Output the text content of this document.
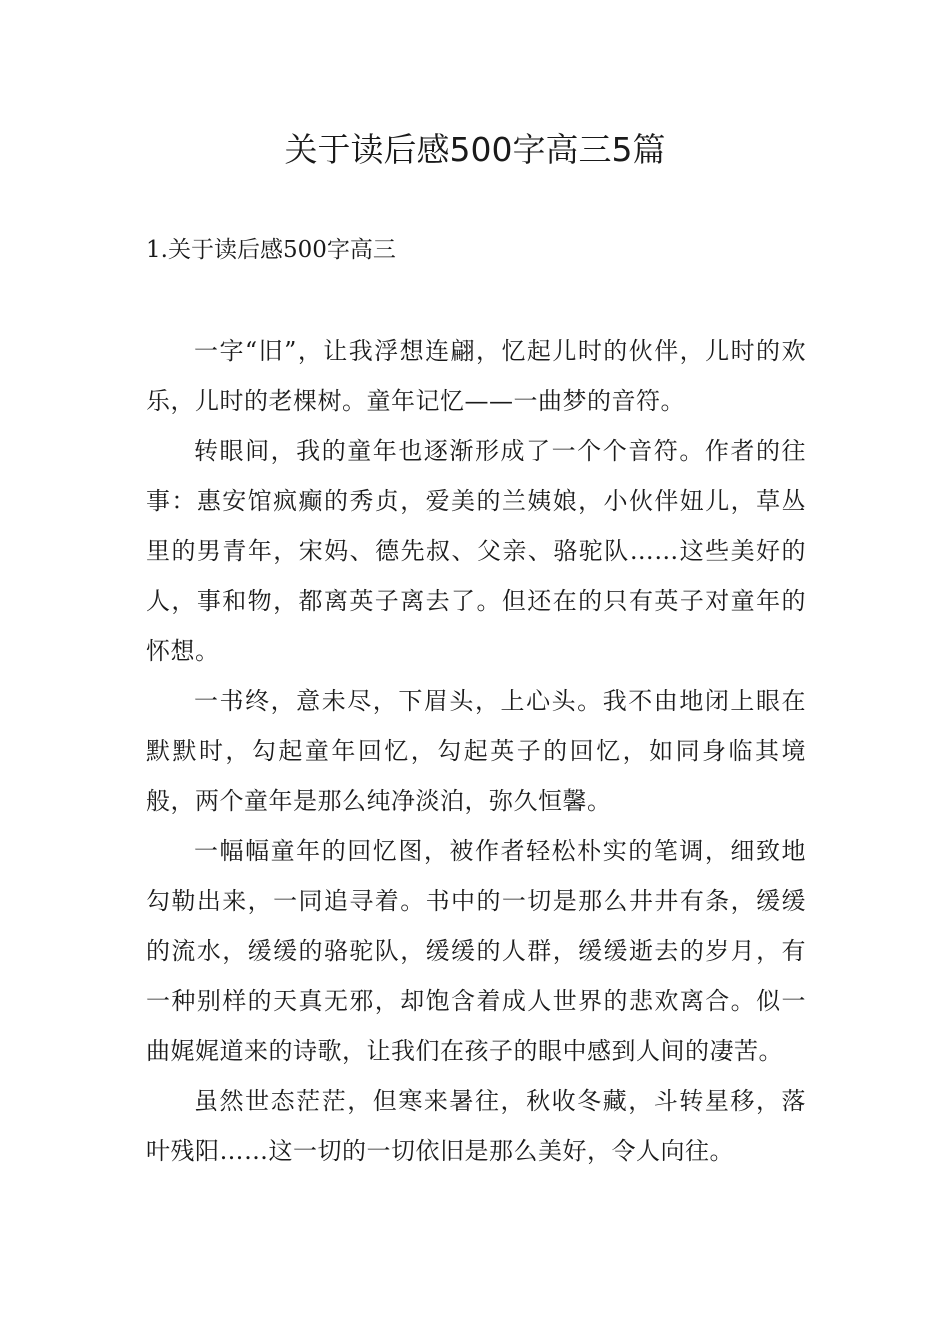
关于读后感500字高三5篇
1.关于读后感500字高三

一字“旧”，让我浮想连翩，忆起儿时的伙伴，儿时的欢乐，儿时的老棵树。童年记忆——一曲梦的音符。

转眼间，我的童年也逐渐形成了一个个音符。作者的往事：惠安馆疯癫的秀贞，爱美的兰姨娘，小伙伴妞儿，草丛里的男青年，宋妈、德先叔、父亲、骆驼队……这些美好的人，事和物，都离英子离去了。但还在的只有英子对童年的怀想。

一书终，意未尽，下眉头，上心头。我不由地闭上眼在默默时，勾起童年回忆，勾起英子的回忆，如同身临其境般，两个童年是那么纯净淡泊，弥久恒馨。

一幅幅童年的回忆图，被作者轻松朴实的笔调，细致地勾勒出来，一同追寻着。书中的一切是那么井井有条，缓缓的流水，缓缓的骆驼队，缓缓的人群，缓缓逝去的岁月，有一种别样的天真无邪，却饱含着成人世界的悲欢离合。似一曲娓娓道来的诗歌，让我们在孩子的眼中感到人间的凄苦。

虽然世态茫茫，但寒来暑往，秋收冬藏，斗转星移，落叶残阳……这一切的一切依旧是那么美好，令人向往。
